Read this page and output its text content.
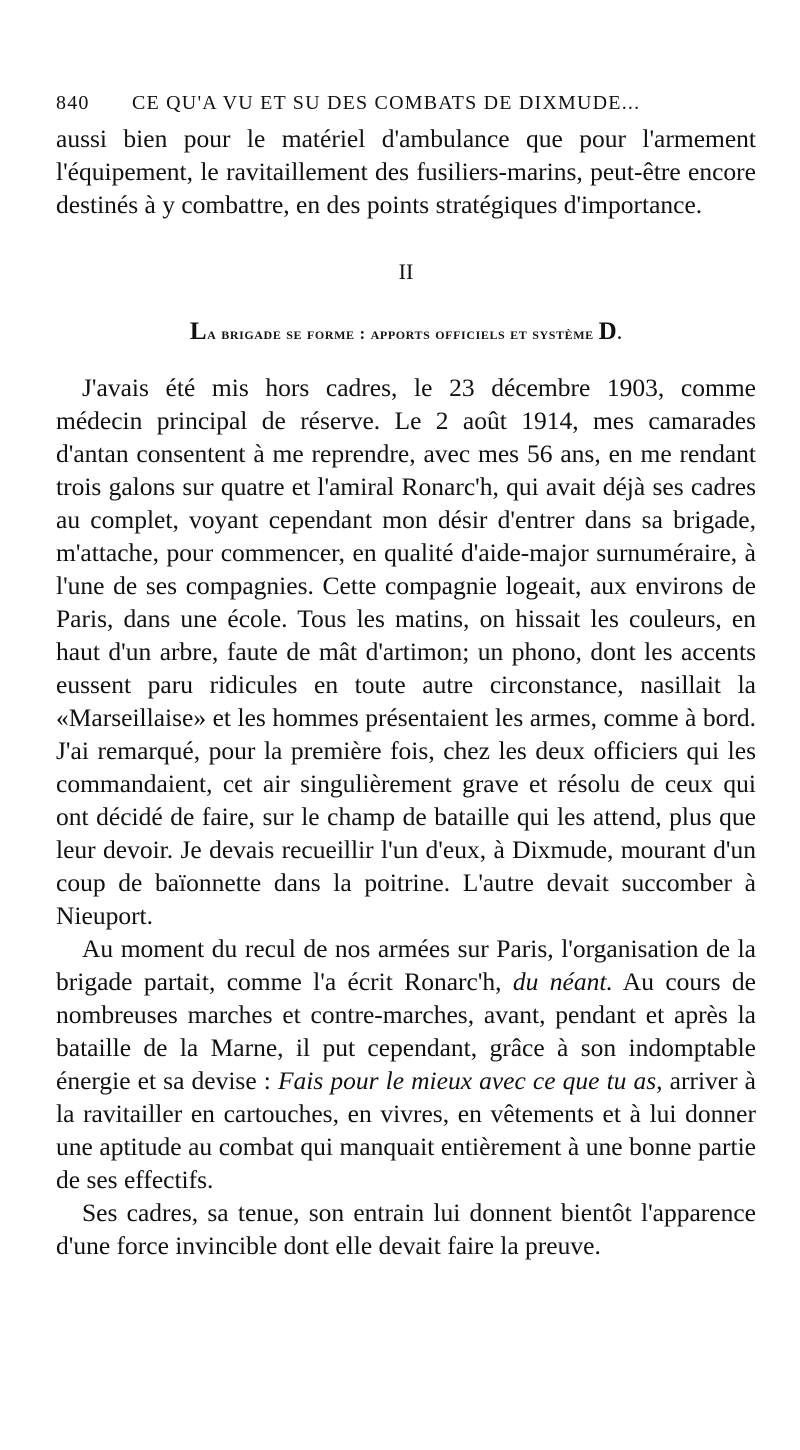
840	CE QU'A VU ET SU DES COMBATS DE DIXMUDE...

aussi bien pour le matériel d'ambulance que pour l'armement l'équipement, le ravitaillement des fusiliers-marins, peut-être encore destinés à y combattre, en des points stratégiques d'importance.

II
La brigade se forme : apports officiels et système D.

J'avais été mis hors cadres, le 23 décembre 1903, comme médecin principal de réserve. Le 2 août 1914, mes camarades d'antan consentent à me reprendre, avec mes 56 ans, en me rendant trois galons sur quatre et l'amiral Ronarc'h, qui avait déjà ses cadres au complet, voyant cependant mon désir d'entrer dans sa brigade, m'attache, pour commencer, en qualité d'aide-major surnuméraire, à l'une de ses compagnies. Cette compagnie logeait, aux environs de Paris, dans une école. Tous les matins, on hissait les couleurs, en haut d'un arbre, faute de mât d'artimon; un phono, dont les accents eussent paru ridicules en toute autre circonstance, nasillait la «Marseillaise» et les hommes présentaient les armes, comme à bord. J'ai remarqué, pour la première fois, chez les deux officiers qui les commandaient, cet air singulièrement grave et résolu de ceux qui ont décidé de faire, sur le champ de bataille qui les attend, plus que leur devoir. Je devais recueillir l'un d'eux, à Dixmude, mourant d'un coup de baïonnette dans la poitrine. L'autre devait succomber à Nieuport.

Au moment du recul de nos armées sur Paris, l'organisation de la brigade partait, comme l'a écrit Ronarc'h, du néant. Au cours de nombreuses marches et contre-marches, avant, pendant et après la bataille de la Marne, il put cependant, grâce à son indomptable énergie et sa devise : Fais pour le mieux avec ce que tu as, arriver à la ravitailler en cartouches, en vivres, en vêtements et à lui donner une aptitude au combat qui manquait entièrement à une bonne partie de ses effectifs.

Ses cadres, sa tenue, son entrain lui donnent bientôt l'apparence d'une force invincible dont elle devait faire la preuve.
